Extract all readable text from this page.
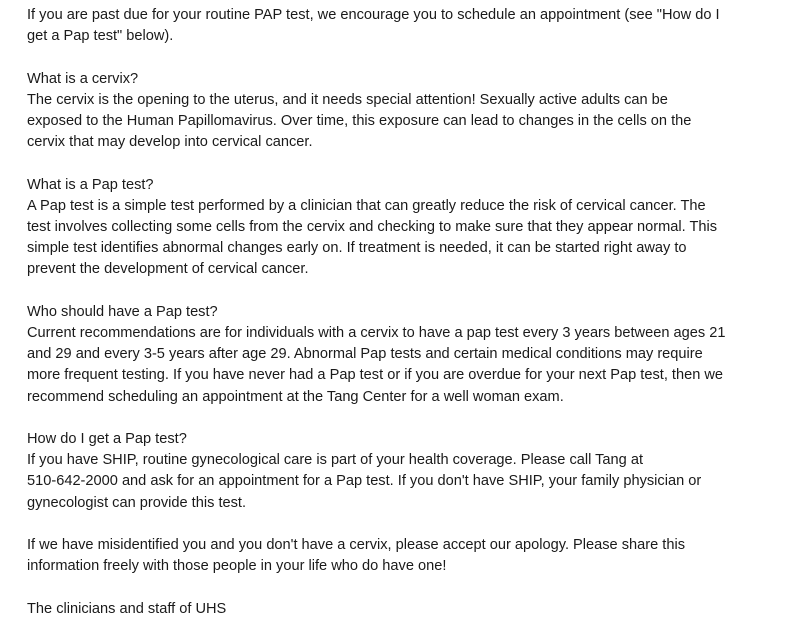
If you are past due for your routine PAP test, we encourage you to schedule an appointment (see "How do I
get a Pap test" below).
What is a cervix?
The cervix is the opening to the uterus, and it needs special attention! Sexually active adults can be
exposed to the Human Papillomavirus. Over time, this exposure can lead to changes in the cells on the
cervix that may develop into cervical cancer.
What is a Pap test?
A Pap test is a simple test performed by a clinician that can greatly reduce the risk of cervical cancer. The
test involves collecting some cells from the cervix and checking to make sure that they appear normal. This
simple test identifies abnormal changes early on. If treatment is needed, it can be started right away to
prevent the development of cervical cancer.
Who should have a Pap test?
Current recommendations are for individuals with a cervix to have a pap test every 3 years between ages 21
and 29 and every 3-5 years after age 29. Abnormal Pap tests and certain medical conditions may require
more frequent testing. If you have never had a Pap test or if you are overdue for your next Pap test, then we
recommend scheduling an appointment at the Tang Center for a well woman exam.
How do I get a Pap test?
If you have SHIP, routine gynecological care is part of your health coverage. Please call Tang at
510-642-2000 and ask for an appointment for a Pap test. If you don't have SHIP, your family physician or
gynecologist can provide this test.
If we have misidentified you and you don't have a cervix, please accept our apology. Please share this
information freely with those people in your life who do have one!
The clinicians and staff of UHS
